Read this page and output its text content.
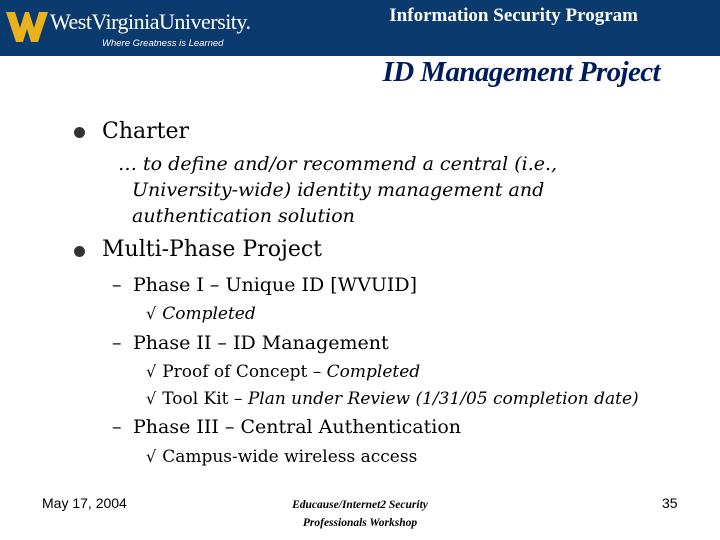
WestVirginiaUniversity.
Where Greatness is Learned
Information Security Program
ID Management Project
Charter
… to define and/or recommend a central (i.e.,
University-wide) identity management and
authentication solution
Multi-Phase Project
– Phase I – Unique ID [WVUID]
√ Completed
– Phase II – ID Management
√ Proof of Concept – Completed
√ Tool Kit – Plan under Review (1/31/05 completion date)
– Phase III – Central Authentication
√ Campus-wide wireless access
May 17, 2004	Educause/Internet2 Security
Professionals Workshop
35
